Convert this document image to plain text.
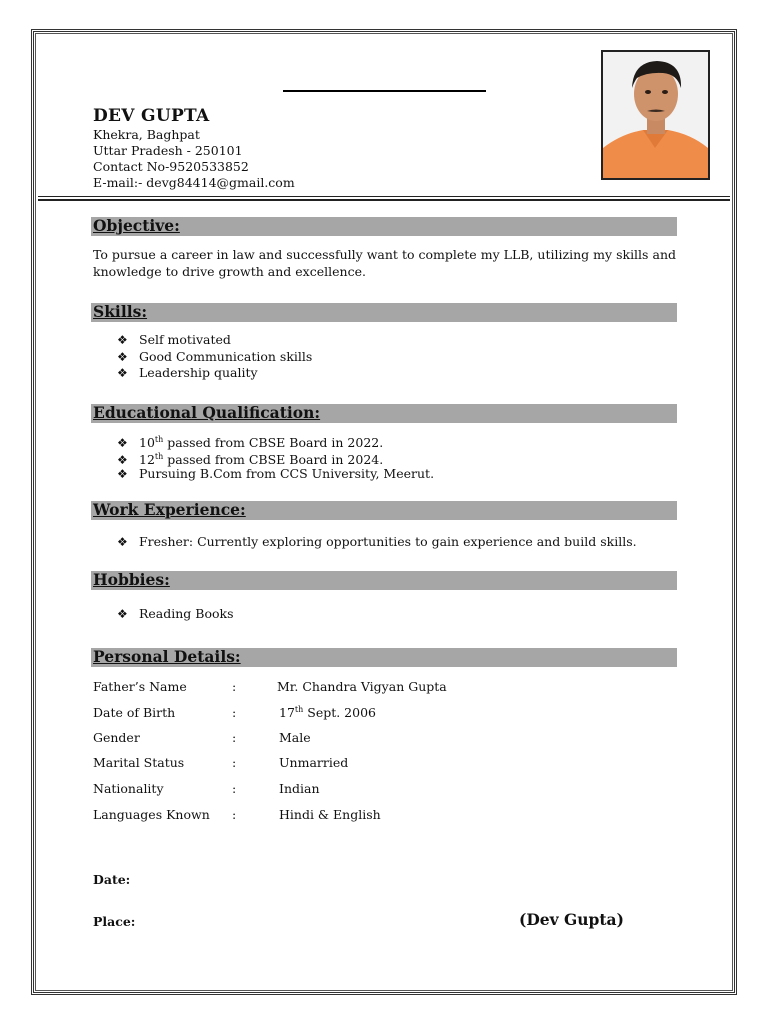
DEV GUPTA
Khekra, Baghpat
Uttar Pradesh - 250101
Contact No-9520533852
E-mail:- devg84414@gmail.com
Objective:
To pursue a career in law and successfully want to complete my LLB, utilizing my skills and knowledge to drive growth and excellence.
Skills:
❖ Self motivated
❖ Good Communication skills
❖ Leadership quality
Educational Qualification:
❖ 10th passed from CBSE Board in 2022.
❖ 12th passed from CBSE Board in 2024.
❖ Pursuing B.Com from CCS University, Meerut.
Work Experience:
❖ Fresher: Currently exploring opportunities to gain experience and build skills.
Hobbies:
❖ Reading Books
Personal Details:
Father’s Name	:	Mr. Chandra Vigyan Gupta
Date of Birth	:	17th Sept. 2006
Gender	:	Male
Marital Status	:	Unmarried
Nationality	:	Indian
Languages Known :	Hindi & English
Date:
Place:	(Dev Gupta)
